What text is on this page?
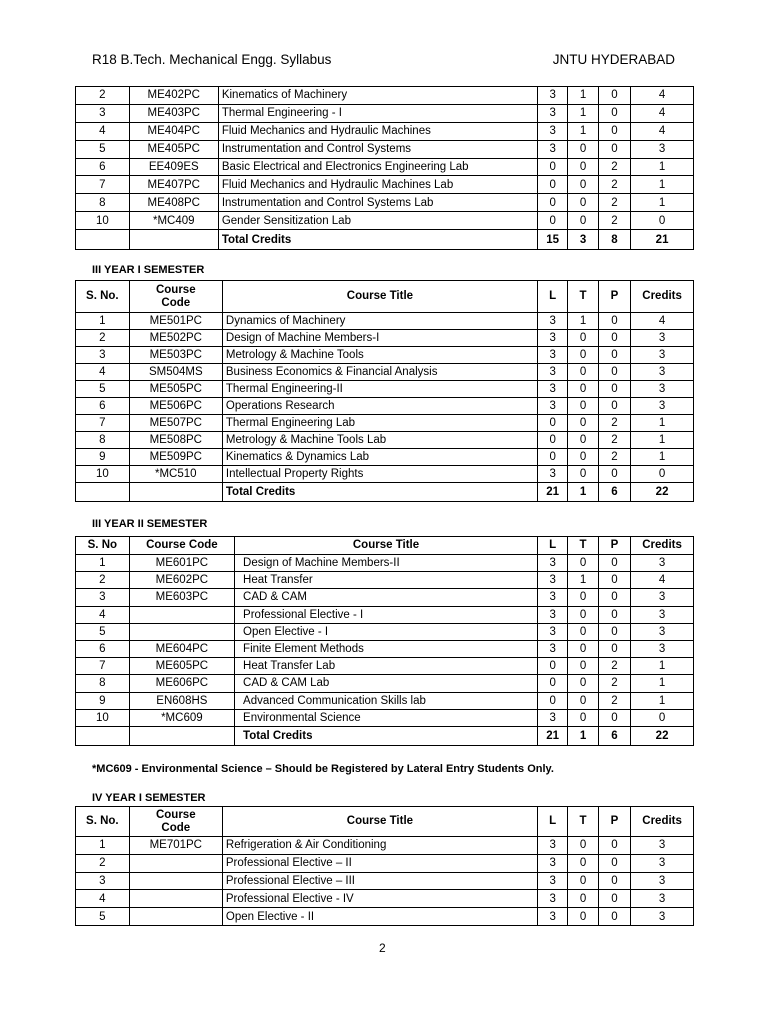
R18 B.Tech. Mechanical Engg. Syllabus	JNTU HYDERABAD
2	ME402PC	Kinematics of Machinery	3	1	0	4
3	ME403PC	Thermal Engineering - I	3	1	0	4
4	ME404PC	Fluid Mechanics and Hydraulic Machines	3	1	0	4
5	ME405PC	Instrumentation and Control Systems	3	0	0	3
6	EE409ES	Basic Electrical and Electronics Engineering Lab	0	0	2	1
7	ME407PC	Fluid Mechanics and Hydraulic Machines Lab	0	0	2	1
8	ME408PC	Instrumentation and Control Systems Lab	0	0	2	1
10	*MC409	Gender Sensitization Lab	0	0	2	0
		Total Credits	15	3	8	21
III YEAR I SEMESTER
S. No.	Course Code	Course Title	L	T	P	Credits
1	ME501PC	Dynamics of Machinery	3	1	0	4
2	ME502PC	Design of Machine Members-I	3	0	0	3
3	ME503PC	Metrology & Machine Tools	3	0	0	3
4	SM504MS	Business Economics & Financial Analysis	3	0	0	3
5	ME505PC	Thermal Engineering-II	3	0	0	3
6	ME506PC	Operations Research	3	0	0	3
7	ME507PC	Thermal Engineering Lab	0	0	2	1
8	ME508PC	Metrology & Machine Tools Lab	0	0	2	1
9	ME509PC	Kinematics & Dynamics Lab	0	0	2	1
10	*MC510	Intellectual Property Rights	3	0	0	0
		Total Credits	21	1	6	22
III YEAR II SEMESTER
S. No	Course Code	Course Title	L	T	P	Credits
1	ME601PC	Design of Machine Members-II	3	0	0	3
2	ME602PC	Heat Transfer	3	1	0	4
3	ME603PC	CAD & CAM	3	0	0	3
4		Professional Elective - I	3	0	0	3
5		Open Elective - I	3	0	0	3
6	ME604PC	Finite Element Methods	3	0	0	3
7	ME605PC	Heat Transfer Lab	0	0	2	1
8	ME606PC	CAD & CAM Lab	0	0	2	1
9	EN608HS	Advanced Communication Skills lab	0	0	2	1
10	*MC609	Environmental Science	3	0	0	0
		Total Credits	21	1	6	22
*MC609 - Environmental Science – Should be Registered by Lateral Entry Students Only.
IV YEAR I SEMESTER
S. No.	Course Code	Course Title	L	T	P	Credits
1	ME701PC	Refrigeration & Air Conditioning	3	0	0	3
2		Professional Elective – II	3	0	0	3
3		Professional Elective – III	3	0	0	3
4		Professional Elective - IV	3	0	0	3
5		Open Elective - II	3	0	0	3
2
